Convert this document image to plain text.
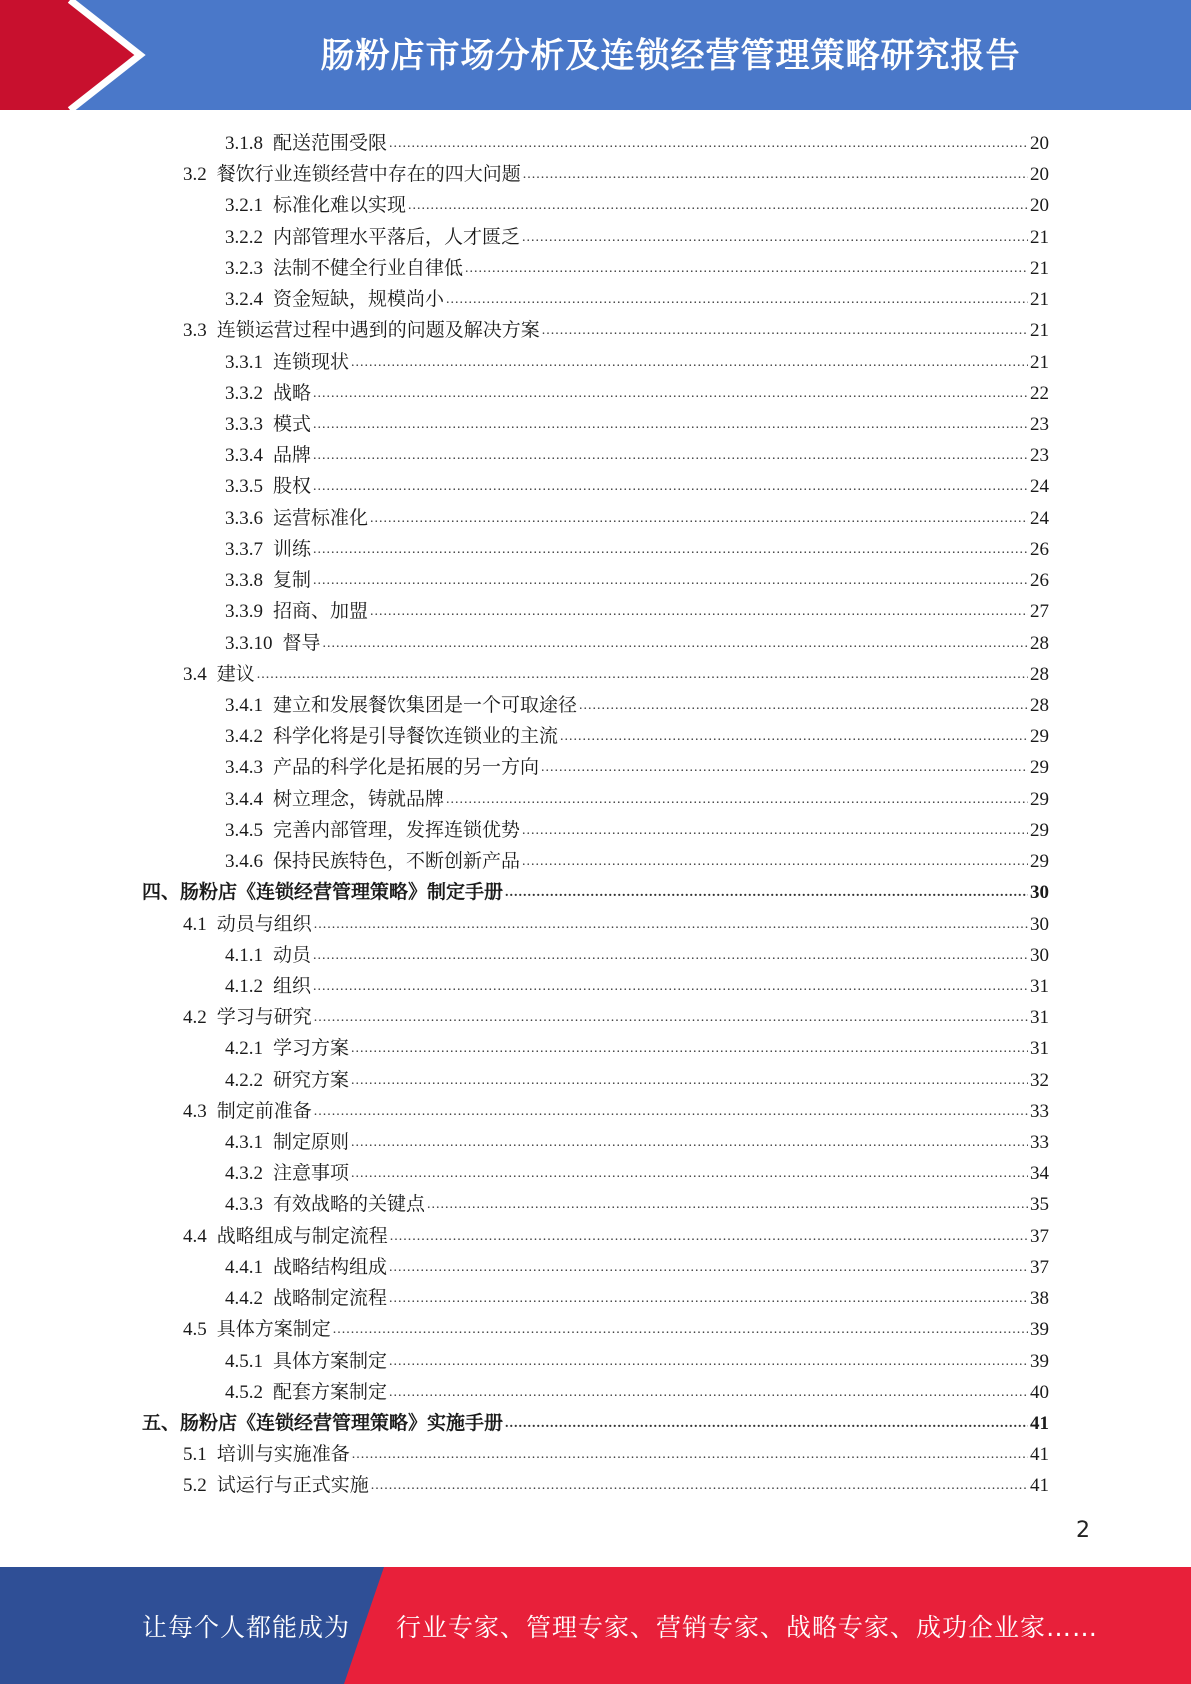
肠粉店市场分析及连锁经营管理策略研究报告
3.1.8 配送范围受限 .....	20
3.2 餐饮行业连锁经营中存在的四大问题 .....	20
3.2.1 标准化难以实现 .....	20
3.2.2 内部管理水平落后，人才匮乏 .....	21
3.2.3 法制不健全行业自律低 .....	21
3.2.4 资金短缺，规模尚小 .....	21
3.3 连锁运营过程中遇到的问题及解决方案 .....	21
3.3.1 连锁现状 .....	21
3.3.2 战略 .....	22
3.3.3 模式 .....	23
3.3.4 品牌 .....	23
3.3.5 股权 .....	24
3.3.6 运营标准化 .....	24
3.3.7 训练 .....	26
3.3.8 复制 .....	26
3.3.9 招商、加盟 .....	27
3.3.10 督导 .....	28
3.4 建议 .....	28
3.4.1 建立和发展餐饮集团是一个可取途径 .....	28
3.4.2 科学化将是引导餐饮连锁业的主流 .....	29
3.4.3 产品的科学化是拓展的另一方向 .....	29
3.4.4 树立理念，铸就品牌 .....	29
3.4.5 完善内部管理，发挥连锁优势 .....	29
3.4.6 保持民族特色，不断创新产品 .....	29
四、 肠粉店《连锁经营管理策略》制定手册 .....	30
4.1 动员与组织 .....	30
4.1.1 动员 .....	30
4.1.2 组织 .....	31
4.2 学习与研究 .....	31
4.2.1 学习方案 .....	31
4.2.2 研究方案 .....	32
4.3 制定前准备 .....	33
4.3.1 制定原则 .....	33
4.3.2 注意事项 .....	34
4.3.3 有效战略的关键点 .....	35
4.4 战略组成与制定流程 .....	37
4.4.1 战略结构组成 .....	37
4.4.2 战略制定流程 .....	38
4.5 具体方案制定 .....	39
4.5.1 具体方案制定 .....	39
4.5.2 配套方案制定 .....	40
五、 肠粉店《连锁经营管理策略》实施手册 .....	41
5.1 培训与实施准备 .....	41
5.2 试运行与正式实施 .....	41
2
让每个人都能成为 行业专家、管理专家、营销专家、战略专家、成功企业家……
